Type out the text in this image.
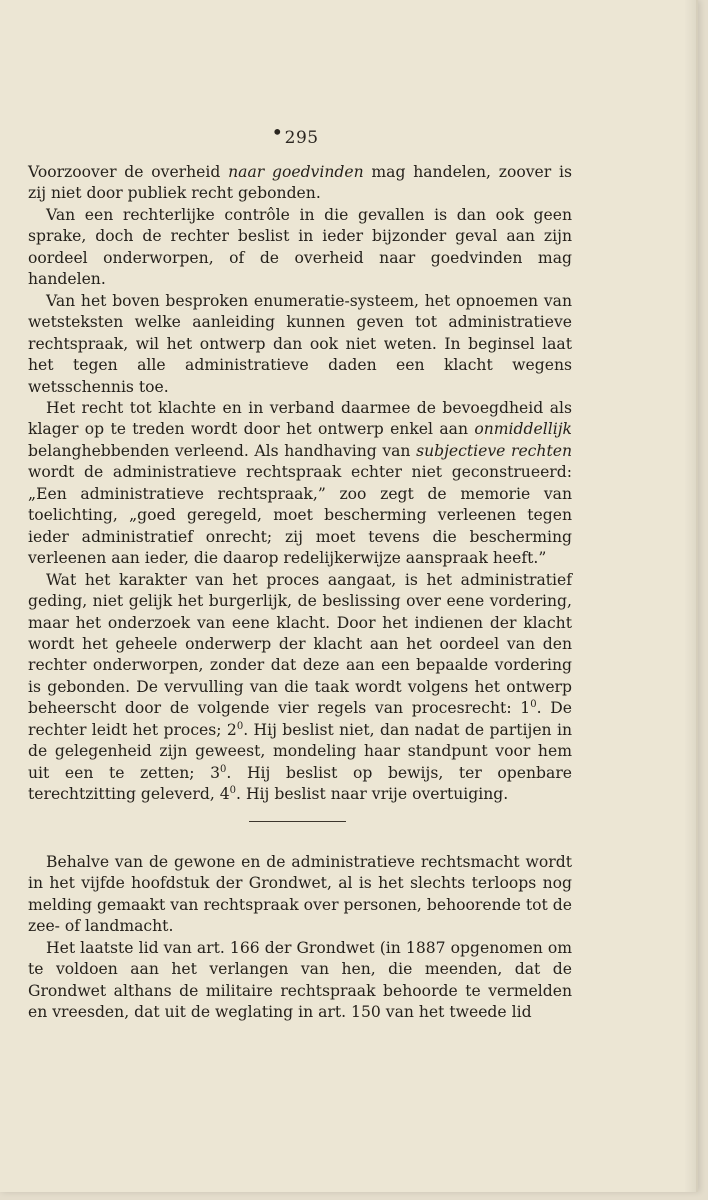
•295

Voorzoover de overheid naar goedvinden mag handelen, zoover is zij niet door publiek recht gebonden.

Van een rechterlijke contrôle in die gevallen is dan ook geen sprake, doch de rechter beslist in ieder bijzonder geval aan zijn oordeel onderworpen, of de overheid naar goedvinden mag handelen.

Van het boven besproken enumeratie-systeem, het opnoemen van wetsteksten welke aanleiding kunnen geven tot administratieve rechtspraak, wil het ontwerp dan ook niet weten. In beginsel laat het tegen alle administratieve daden een klacht wegens wetsschennis toe.

Het recht tot klachte en in verband daarmee de bevoegdheid als klager op te treden wordt door het ontwerp enkel aan onmiddellijk belanghebbenden verleend. Als handhaving van subjectieve rechten wordt de administratieve rechtspraak echter niet geconstrueerd: „Een administratieve rechtspraak,” zoo zegt de memorie van toelichting, „goed geregeld, moet bescherming verleenen tegen ieder administratief onrecht; zij moet tevens die bescherming verleenen aan ieder, die daarop redelijkerwijze aanspraak heeft.”

Wat het karakter van het proces aangaat, is het administratief geding, niet gelijk het burgerlijk, de beslissing over eene vordering, maar het onderzoek van eene klacht. Door het indienen der klacht wordt het geheele onderwerp der klacht aan het oordeel van den rechter onderworpen, zonder dat deze aan een bepaalde vordering is gebonden. De vervulling van die taak wordt volgens het ontwerp beheerscht door de volgende vier regels van procesrecht: $1^0$. De rechter leidt het proces; $2^0$. Hij beslist niet, dan nadat de partijen in de gelegenheid zijn geweest, mondeling haar standpunt voor hem uit een te zetten; $3^0$. Hij beslist op bewijs, ter openbare terechtzitting geleverd, $4^0$. Hij beslist naar vrije overtuiging.

Behalve van de gewone en de administratieve rechtsmacht wordt in het vijfde hoofdstuk der Grondwet, al is het slechts terloops nog melding gemaakt van rechtspraak over personen, behoorende tot de zee- of landmacht.

Het laatste lid van art. 166 der Grondwet (in 1887 opgenomen om te voldoen aan het verlangen van hen, die meenden, dat de Grondwet althans de militaire rechtspraak behoorde te vermelden en vreesden, dat uit de weglating in art. 150 van het tweede lid
